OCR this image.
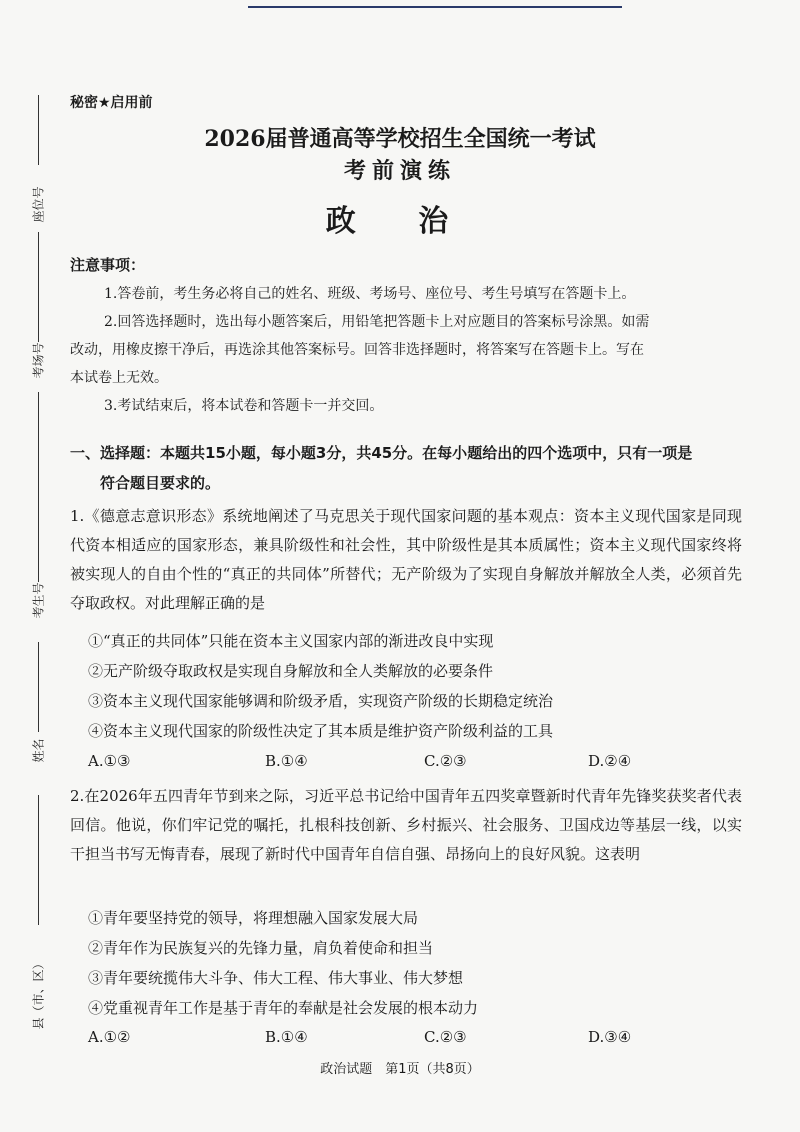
座位号
考场号
考生号
姓名
县（市、区）
秘密★启用前
2026届普通高等学校招生全国统一考试
考前演练
政 治
注意事项：
1.答卷前，考生务必将自己的姓名、班级、考场号、座位号、考生号填写在答题卡上。
2.回答选择题时，选出每小题答案后，用铅笔把答题卡上对应题目的答案标号涂黑。如需
改动，用橡皮擦干净后，再选涂其他答案标号。回答非选择题时，将答案写在答题卡上。写在
本试卷上无效。
3.考试结束后，将本试卷和答题卡一并交回。
一、选择题：本题共15小题，每小题3分，共45分。在每小题给出的四个选项中，只有一项是
符合题目要求的。
1.《德意志意识形态》系统地阐述了马克思关于现代国家问题的基本观点：资本主义现代国家是同现代资本相适应的国家形态，兼具阶级性和社会性，其中阶级性是其本质属性；资本主义现代国家终将被实现人的自由个性的“真正的共同体”所替代；无产阶级为了实现自身解放并解放全人类，必须首先夺取政权。对此理解正确的是
①“真正的共同体”只能在资本主义国家内部的渐进改良中实现
②无产阶级夺取政权是实现自身解放和全人类解放的必要条件
③资本主义现代国家能够调和阶级矛盾，实现资产阶级的长期稳定统治
④资本主义现代国家的阶级性决定了其本质是维护资产阶级利益的工具
A.①③	B.①④	C.②③	D.②④
2.在2026年五四青年节到来之际，习近平总书记给中国青年五四奖章暨新时代青年先锋奖获奖者代表回信。他说，你们牢记党的嘱托，扎根科技创新、乡村振兴、社会服务、卫国戍边等基层一线，以实干担当书写无悔青春，展现了新时代中国青年自信自强、昂扬向上的良好风貌。这表明
①青年要坚持党的领导，将理想融入国家发展大局
②青年作为民族复兴的先锋力量，肩负着使命和担当
③青年要统揽伟大斗争、伟大工程、伟大事业、伟大梦想
④党重视青年工作是基于青年的奉献是社会发展的根本动力
A.①②	B.①④	C.②③	D.③④
政治试题　第1页（共8页）
